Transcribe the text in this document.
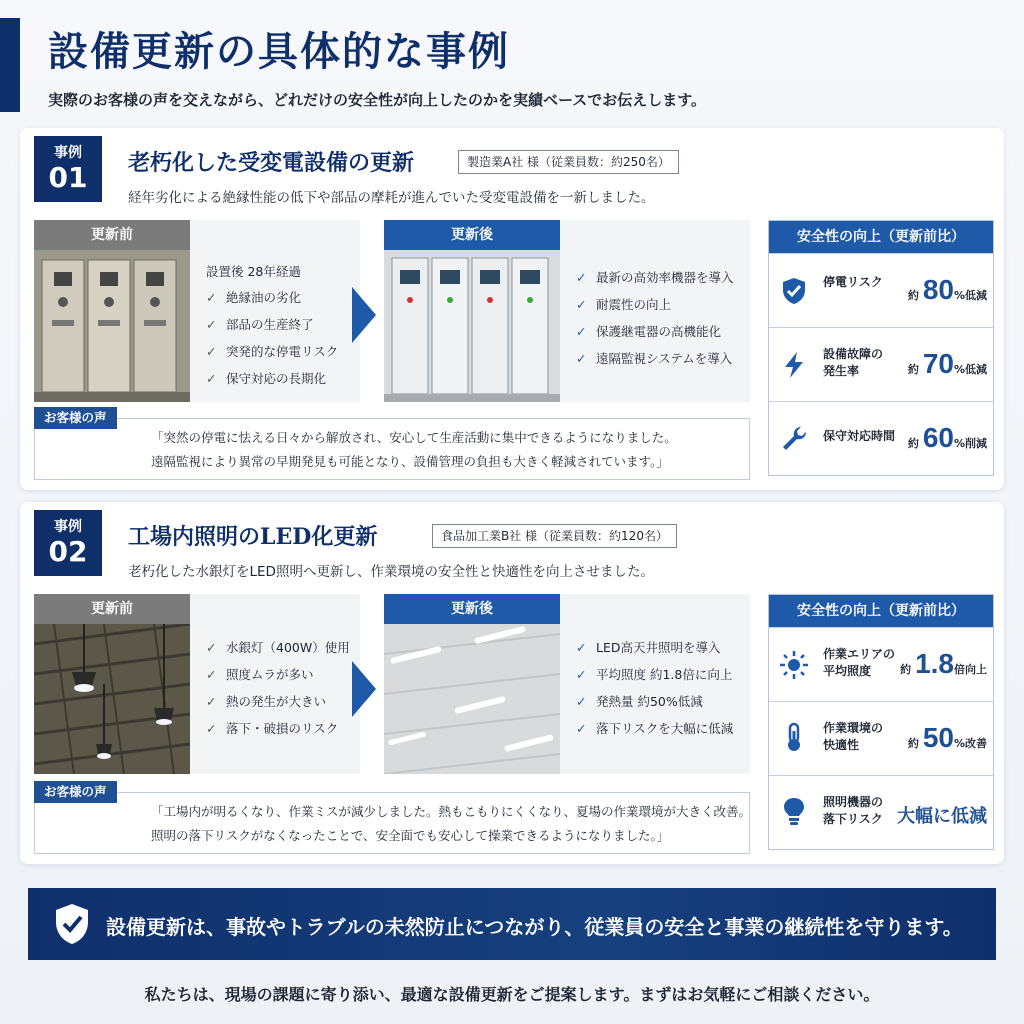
設備更新の具体的な事例

実際のお客様の声を交えながら、どれだけの安全性が向上したのかを実績ベースでお伝えします。

事例
01	老朽化した受変電設備の更新	製造業A社 様（従業員数：約250名）

経年劣化による絶縁性能の低下や部品の摩耗が進んでいた受変電設備を一新しました。

更新前

設置後 28年経過

✓ 絶縁油の劣化
✓ 部品の生産終了
✓ 突発的な停電リスク
✓ 保守対応の長期化
更新後
✓ 最新の高効率機器を導入
✓ 耐震性の向上
✓ 保護継電器の高機能化
✓ 遠隔監視システムを導入
お客様の声

「突然の停電に怯える日々から解放され、安心して生産活動に集中できるようになりました。

遠隔監視により異常の早期発見も可能となり、設備管理の負担も大きく軽減されています。」

安全性の向上（更新前比）
停電リスク
約 80%低減
設備故障の
発生率	約 70%低減
保守対応時間
約 60%削減
事例
02	工場内照明のLED化更新	食品加工業B社 様（従業員数：約120名）

老朽化した水銀灯をLED照明へ更新し、作業環境の安全性と快適性を向上させました。

更新前
✓ 水銀灯（400W）使用
✓ 照度ムラが多い
✓ 熱の発生が大きい
✓ 落下・破損のリスク
更新後
✓ LED高天井照明を導入
✓ 平均照度 約1.8倍に向上
✓ 発熱量 約50%低減
✓ 落下リスクを大幅に低減
お客様の声

「工場内が明るくなり、作業ミスが減少しました。熱もこもりにくくなり、夏場の作業環境が大きく改善。

照明の落下リスクがなくなったことで、安全面でも安心して操業できるようになりました。」

安全性の向上（更新前比）
作業エリアの
平均照度	約 1.8倍向上
作業環境の
快適性	約 50%改善
照明機器の
落下リスク 大幅に低減

設備更新は、事故やトラブルの未然防止につながり、従業員の安全と事業の継続性を守ります。

私たちは、現場の課題に寄り添い、最適な設備更新をご提案します。まずはお気軽にご相談ください。
